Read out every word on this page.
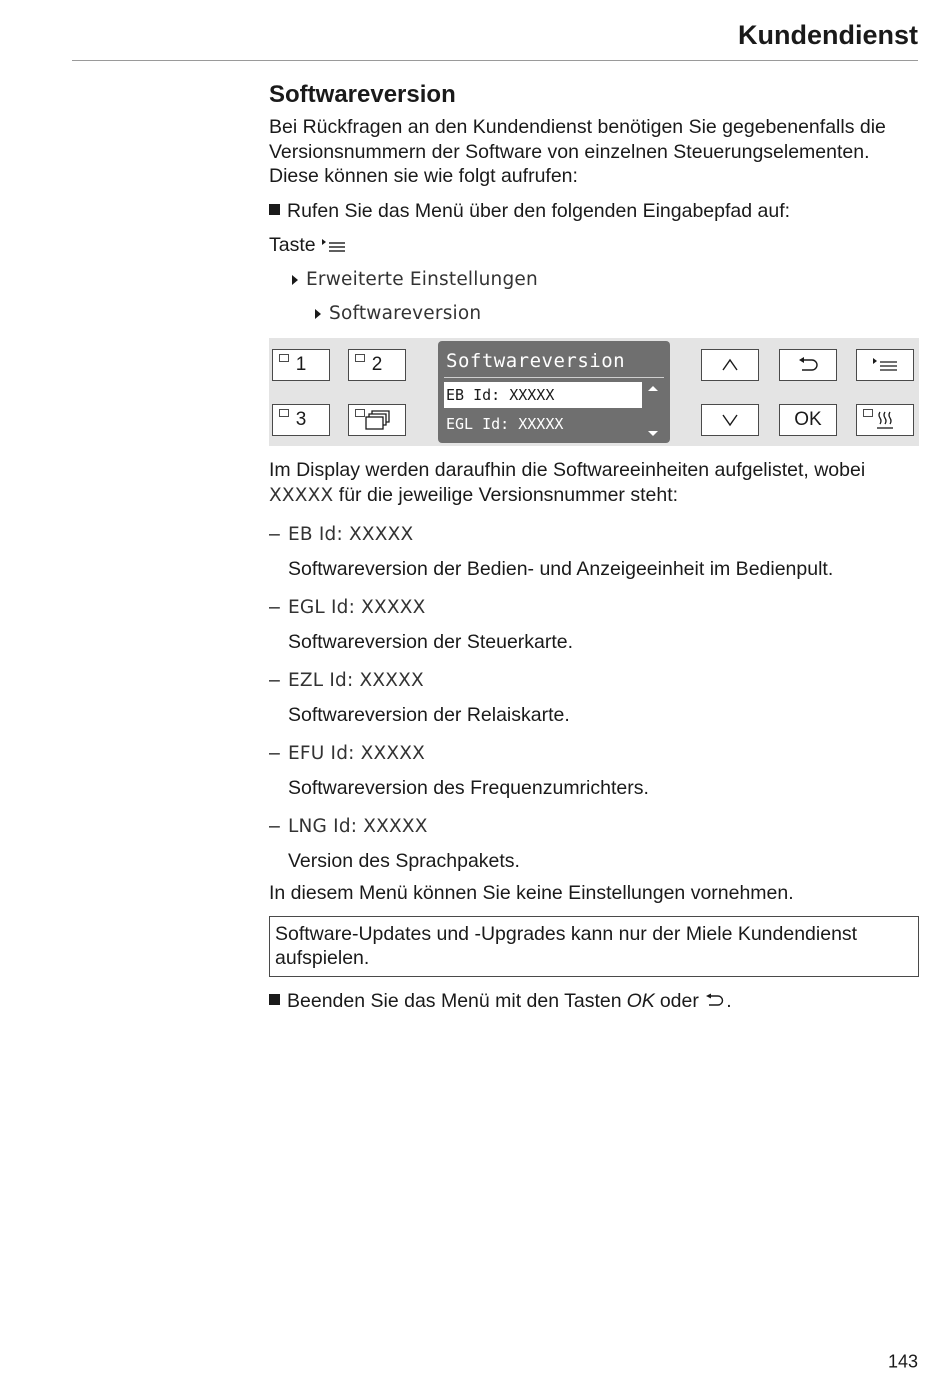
Kundendienst
Softwareversion

Bei Rückfragen an den Kundendienst benötigen Sie gegebenenfalls die Versionsnummern der Software von einzelnen Steuerungselementen. Diese können sie wie folgt aufrufen:

Rufen Sie das Menü über den folgenden Eingabepfad auf:
Taste
Erweiterte Einstellungen
Softwareversion
1	2
3
Softwareversion
EB Id: XXXXX
EGL Id: XXXXX	OK

Im Display werden daraufhin die Softwareeinheiten aufgelistet, wobei
XXXXX für die jeweilige Versionsnummer steht:

– EB Id: XXXXX
Softwareversion der Bedien- und Anzeigeeinheit im Bedienpult.
– EGL Id: XXXXX
Softwareversion der Steuerkarte.
– EZL Id: XXXXX
Softwareversion der Relaiskarte.
– EFU Id: XXXXX
Softwareversion des Frequenzumrichters.
– LNG Id: XXXXX
Version des Sprachpakets.

In diesem Menü können Sie keine Einstellungen vornehmen.

Software-Updates und -Upgrades kann nur der Miele Kundendienst aufspielen.
Beenden Sie das Menü mit den Tasten OK oder .
143
